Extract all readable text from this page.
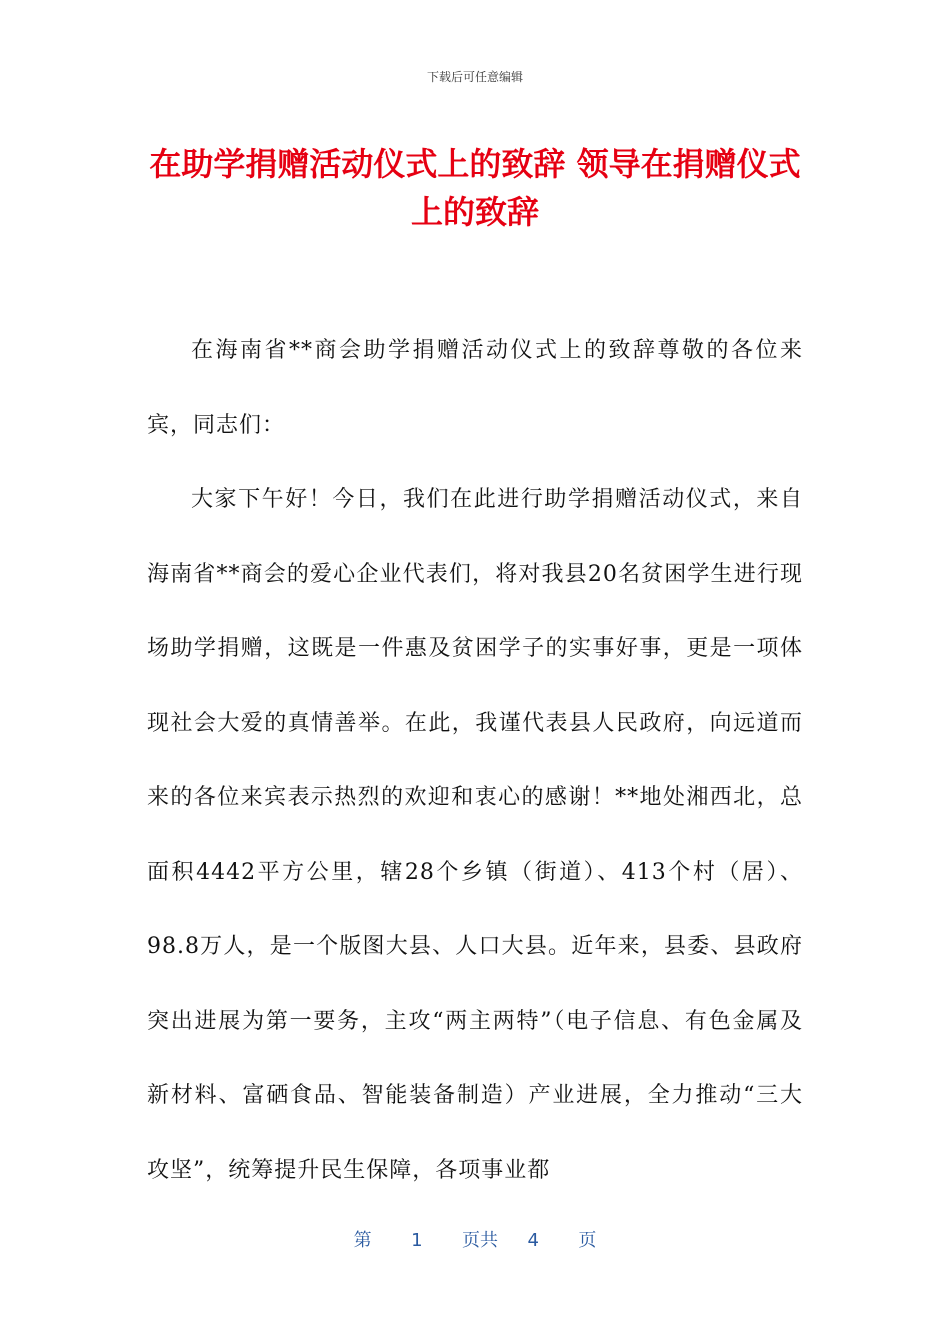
下载后可任意编辑
在助学捐赠活动仪式上的致辞 领导在捐赠仪式上的致辞

在海南省**商会助学捐赠活动仪式上的致辞尊敬的各位来宾，同志们：

大家下午好！今日，我们在此进行助学捐赠活动仪式，来自海南省**商会的爱心企业代表们，将对我县20名贫困学生进行现场助学捐赠，这既是一件惠及贫困学子的实事好事，更是一项体现社会大爱的真情善举。在此，我谨代表县人民政府，向远道而来的各位来宾表示热烈的欢迎和衷心的感谢！**地处湘西北，总面积4442平方公里，辖28个乡镇（街道）、413个村（居）、98.8万人，是一个版图大县、人口大县。近年来，县委、县政府突出进展为第一要务，主攻“两主两特”（电子信息、有色金属及新材料、富硒食品、智能装备制造）产业进展，全力推动“三大攻坚”，统筹提升民生保障，各项事业都

第 1 页共 4 页
